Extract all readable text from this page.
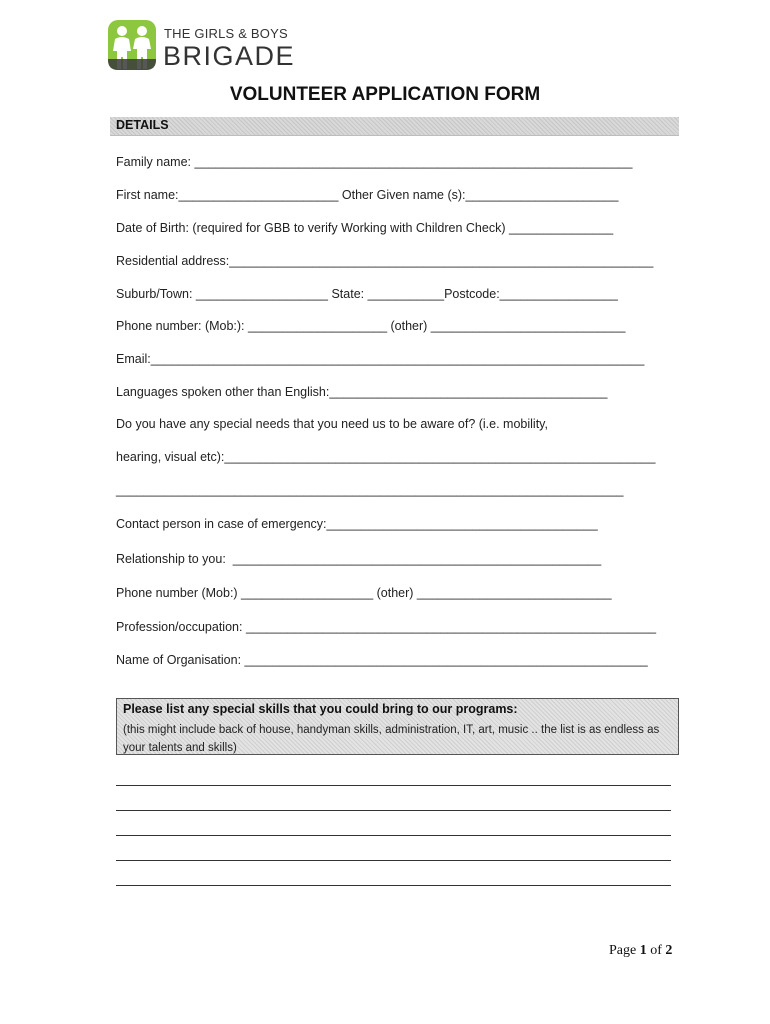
THE GIRLS & BOYS
BRIGADE
VOLUNTEER APPLICATION FORM
DETAILS
Family name: _______________________________________________________________
First name:_______________________ Other Given name (s):______________________
Date of Birth: (required for GBB to verify Working with Children Check) _______________
Residential address:_____________________________________________________________
Suburb/Town: ___________________ State: ___________Postcode:_________________
Phone number: (Mob:): ____________________ (other) ____________________________
Email:_______________________________________________________________________
Languages spoken other than English:________________________________________
Do you have any special needs that you need us to be aware of? (i.e. mobility,
hearing, visual etc):______________________________________________________________
_________________________________________________________________________
Contact person in case of emergency:_______________________________________
Relationship to you:  _____________________________________________________
Phone number (Mob:) ___________________ (other) ____________________________
Profession/occupation: ___________________________________________________________
Name of Organisation: __________________________________________________________
Please list any special skills that you could bring to our programs:
(this might include back of house, handyman skills, administration, IT, art, music .. the list is as endless as your talents and skills)
Page 1 of 2
